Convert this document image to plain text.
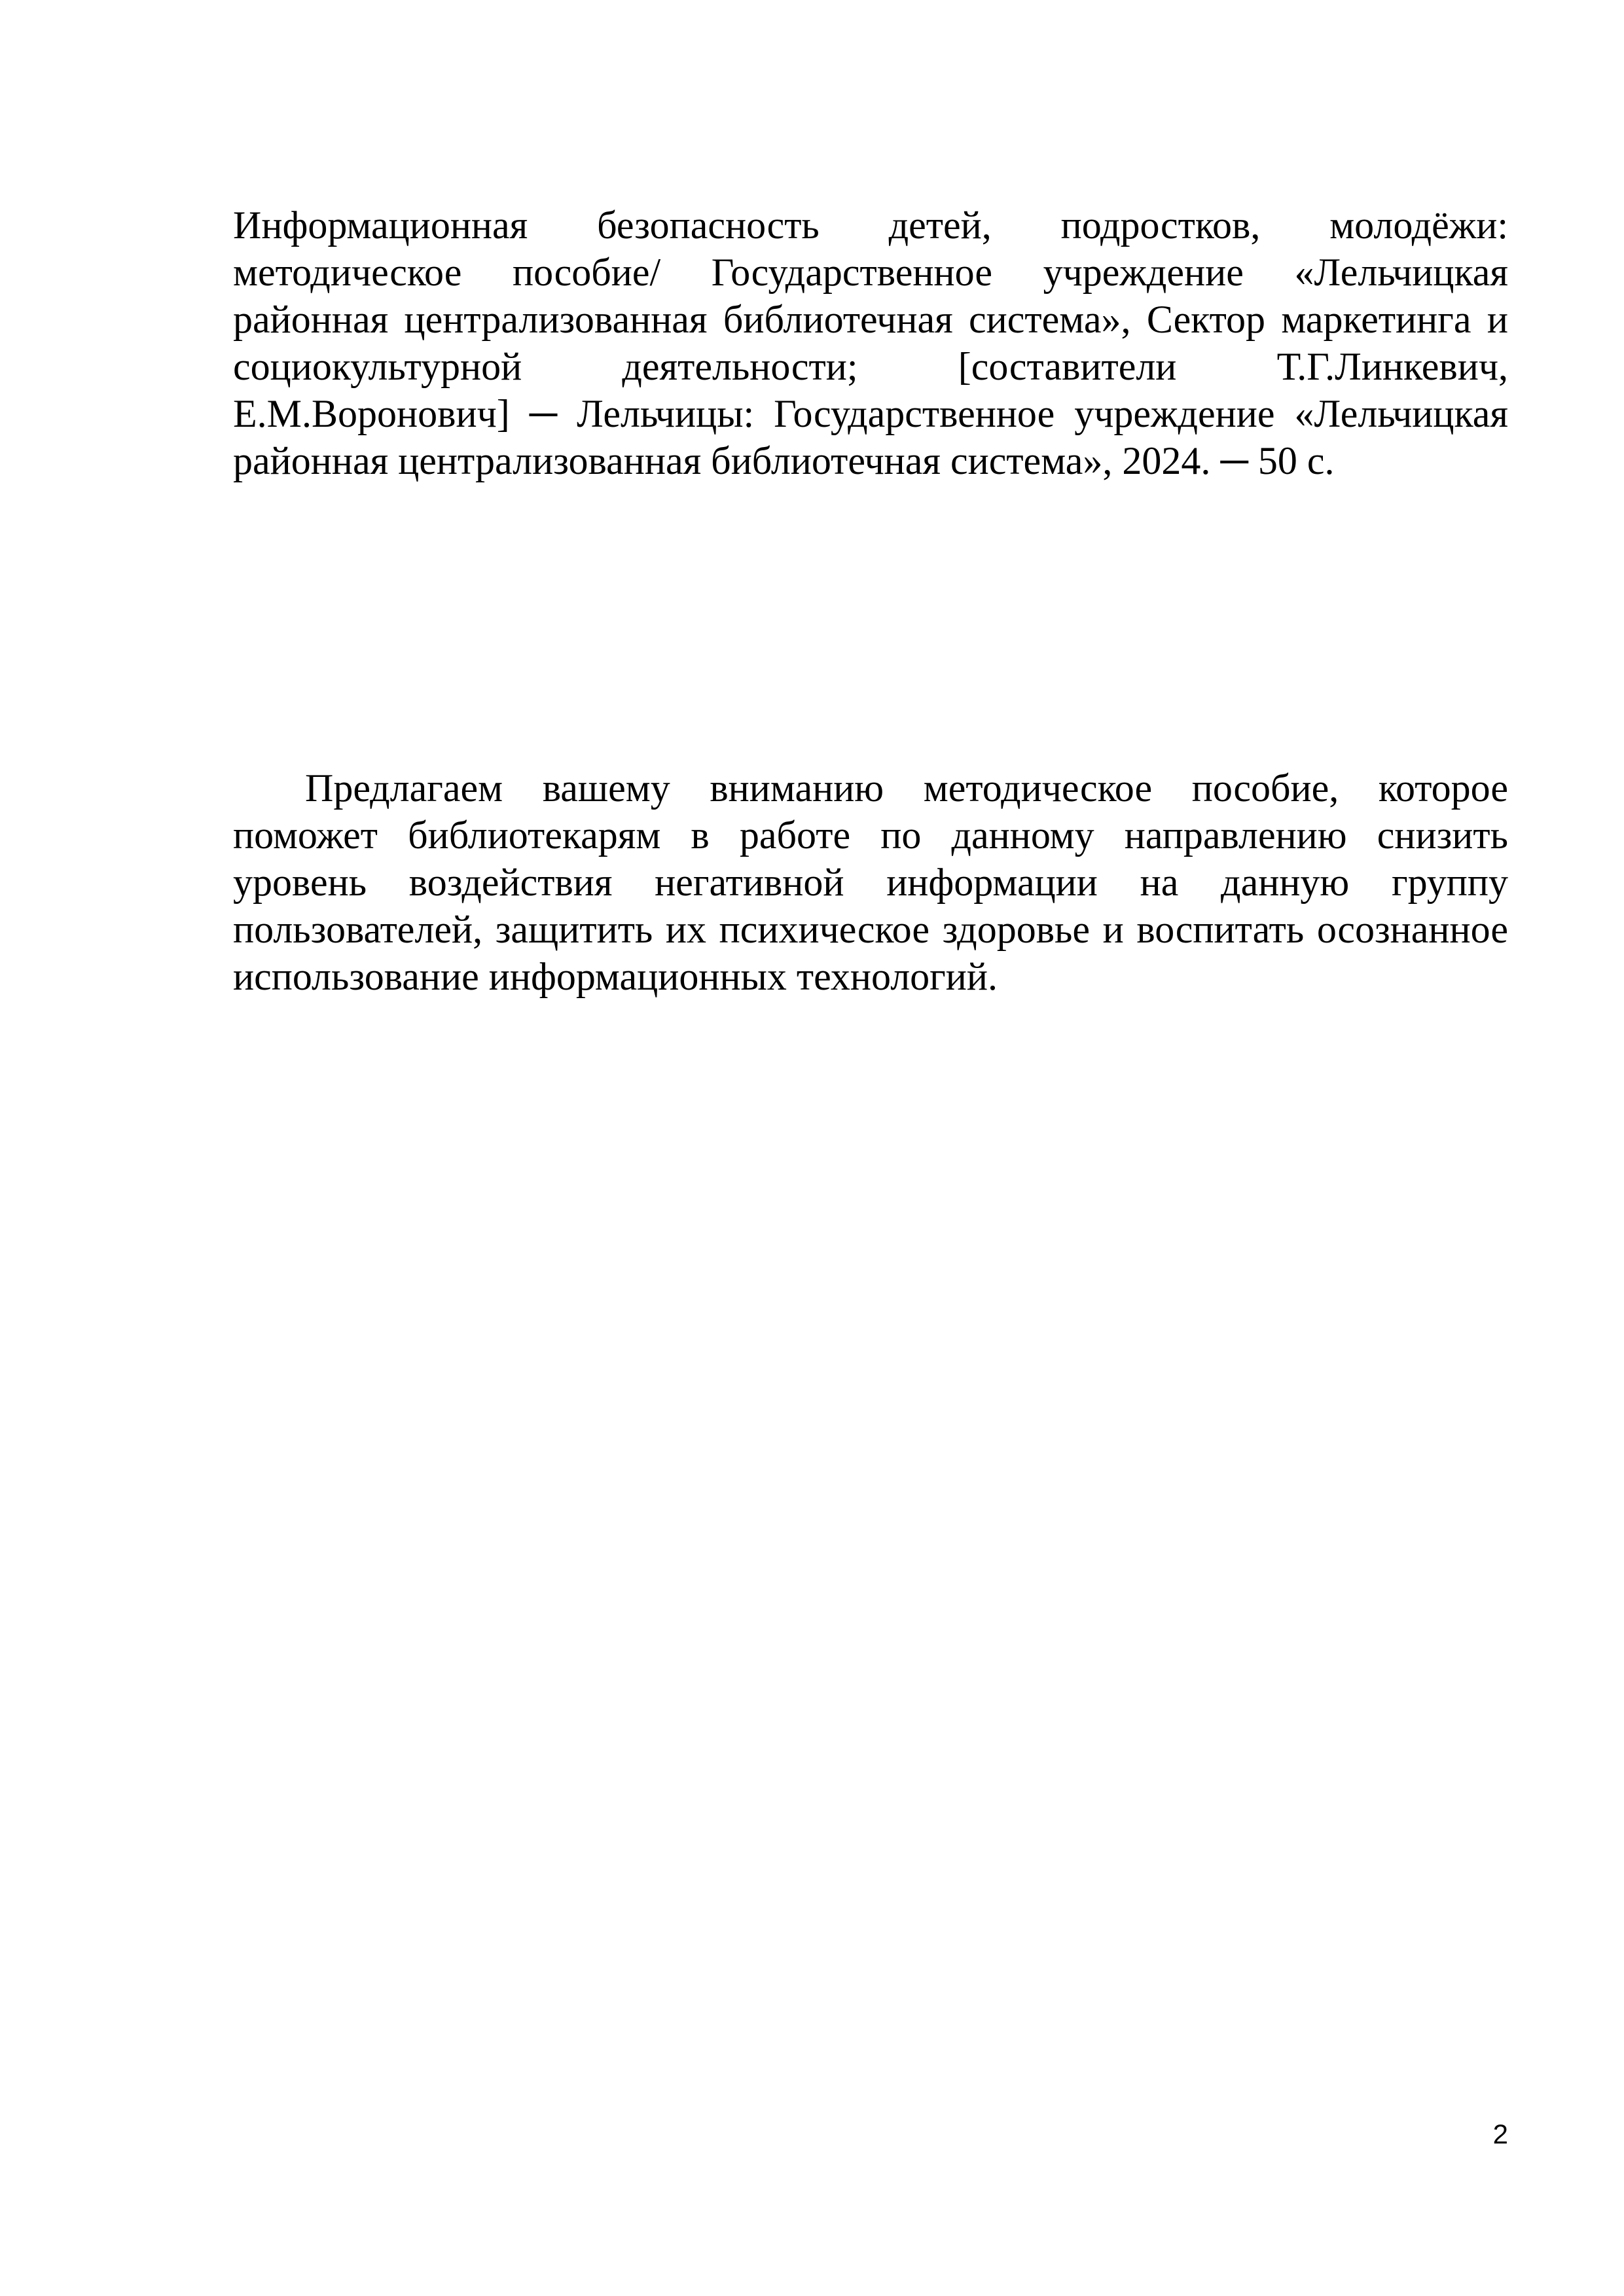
Информационная безопасность детей, подростков, молодёжи: методическое пособие/ Государственное учреждение «Лельчицкая районная централизованная библиотечная система», Сектор маркетинга и социокультурной деятельности; [составители Т.Г.Линкевич, Е.М.Воронович] ─ Лельчицы: Государственное учреждение «Лельчицкая районная централизованная библиотечная система», 2024. ─ 50 с.

Предлагаем вашему вниманию методическое пособие, которое поможет библиотекарям в работе по данному направлению снизить уровень воздействия негативной информации на данную группу пользователей, защитить их психическое здоровье и воспитать осознанное использование информационных технологий.

2
